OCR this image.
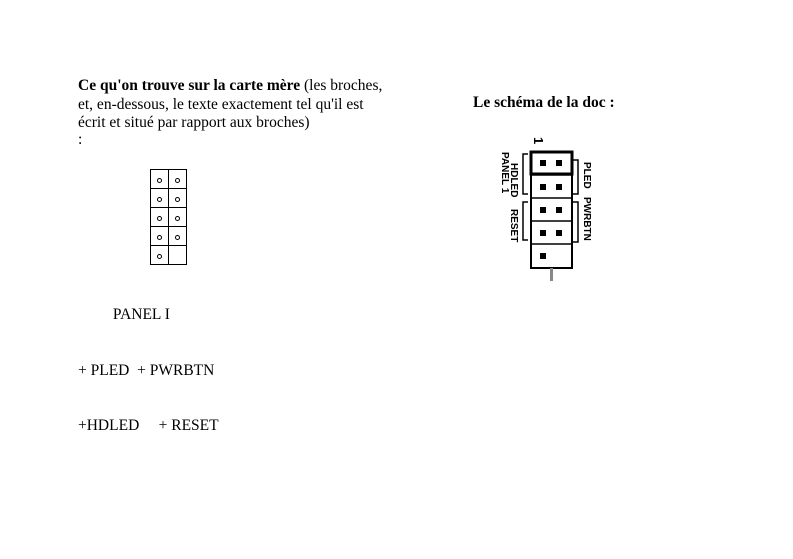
Ce qu'on trouve sur la carte mère (les broches,
et, en-dessous, le texte exactement tel qu'il est
écrit et situé par rapport aux broches)
:

PANEL I

+ PLED  + PWRBTN

+HDLED     + RESET

Le schéma de la doc :
1
PANEL 1
HDLED
RESET
PLED
PWRBTN
